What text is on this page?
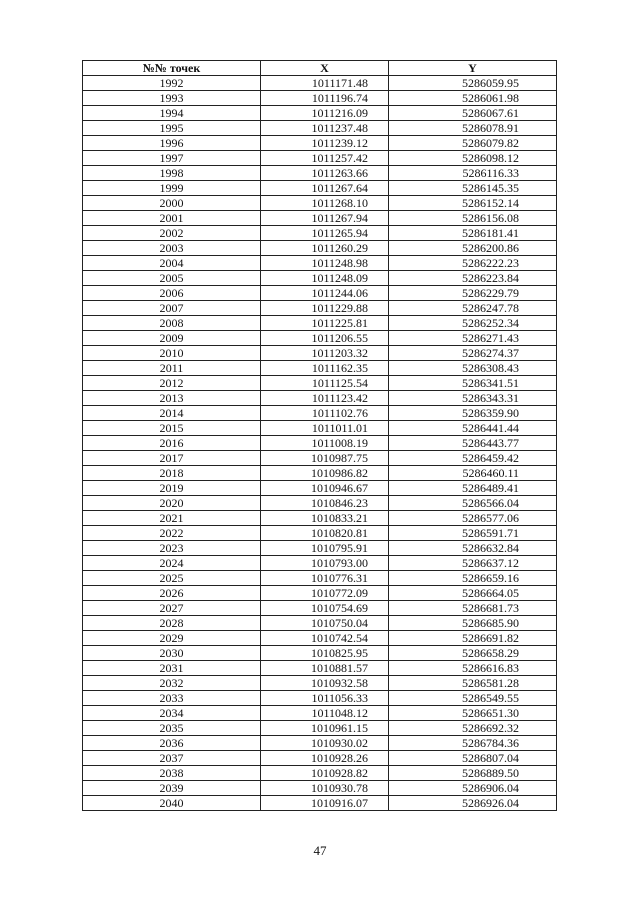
№№ точек	X	Y
1992	1011171.48	5286059.95
1993	1011196.74	5286061.98
1994	1011216.09	5286067.61
1995	1011237.48	5286078.91
1996	1011239.12	5286079.82
1997	1011257.42	5286098.12
1998	1011263.66	5286116.33
1999	1011267.64	5286145.35
2000	1011268.10	5286152.14
2001	1011267.94	5286156.08
2002	1011265.94	5286181.41
2003	1011260.29	5286200.86
2004	1011248.98	5286222.23
2005	1011248.09	5286223.84
2006	1011244.06	5286229.79
2007	1011229.88	5286247.78
2008	1011225.81	5286252.34
2009	1011206.55	5286271.43
2010	1011203.32	5286274.37
2011	1011162.35	5286308.43
2012	1011125.54	5286341.51
2013	1011123.42	5286343.31
2014	1011102.76	5286359.90
2015	1011011.01	5286441.44
2016	1011008.19	5286443.77
2017	1010987.75	5286459.42
2018	1010986.82	5286460.11
2019	1010946.67	5286489.41
2020	1010846.23	5286566.04
2021	1010833.21	5286577.06
2022	1010820.81	5286591.71
2023	1010795.91	5286632.84
2024	1010793.00	5286637.12
2025	1010776.31	5286659.16
2026	1010772.09	5286664.05
2027	1010754.69	5286681.73
2028	1010750.04	5286685.90
2029	1010742.54	5286691.82
2030	1010825.95	5286658.29
2031	1010881.57	5286616.83
2032	1010932.58	5286581.28
2033	1011056.33	5286549.55
2034	1011048.12	5286651.30
2035	1010961.15	5286692.32
2036	1010930.02	5286784.36
2037	1010928.26	5286807.04
2038	1010928.82	5286889.50
2039	1010930.78	5286906.04
2040	1010916.07	5286926.04
47
